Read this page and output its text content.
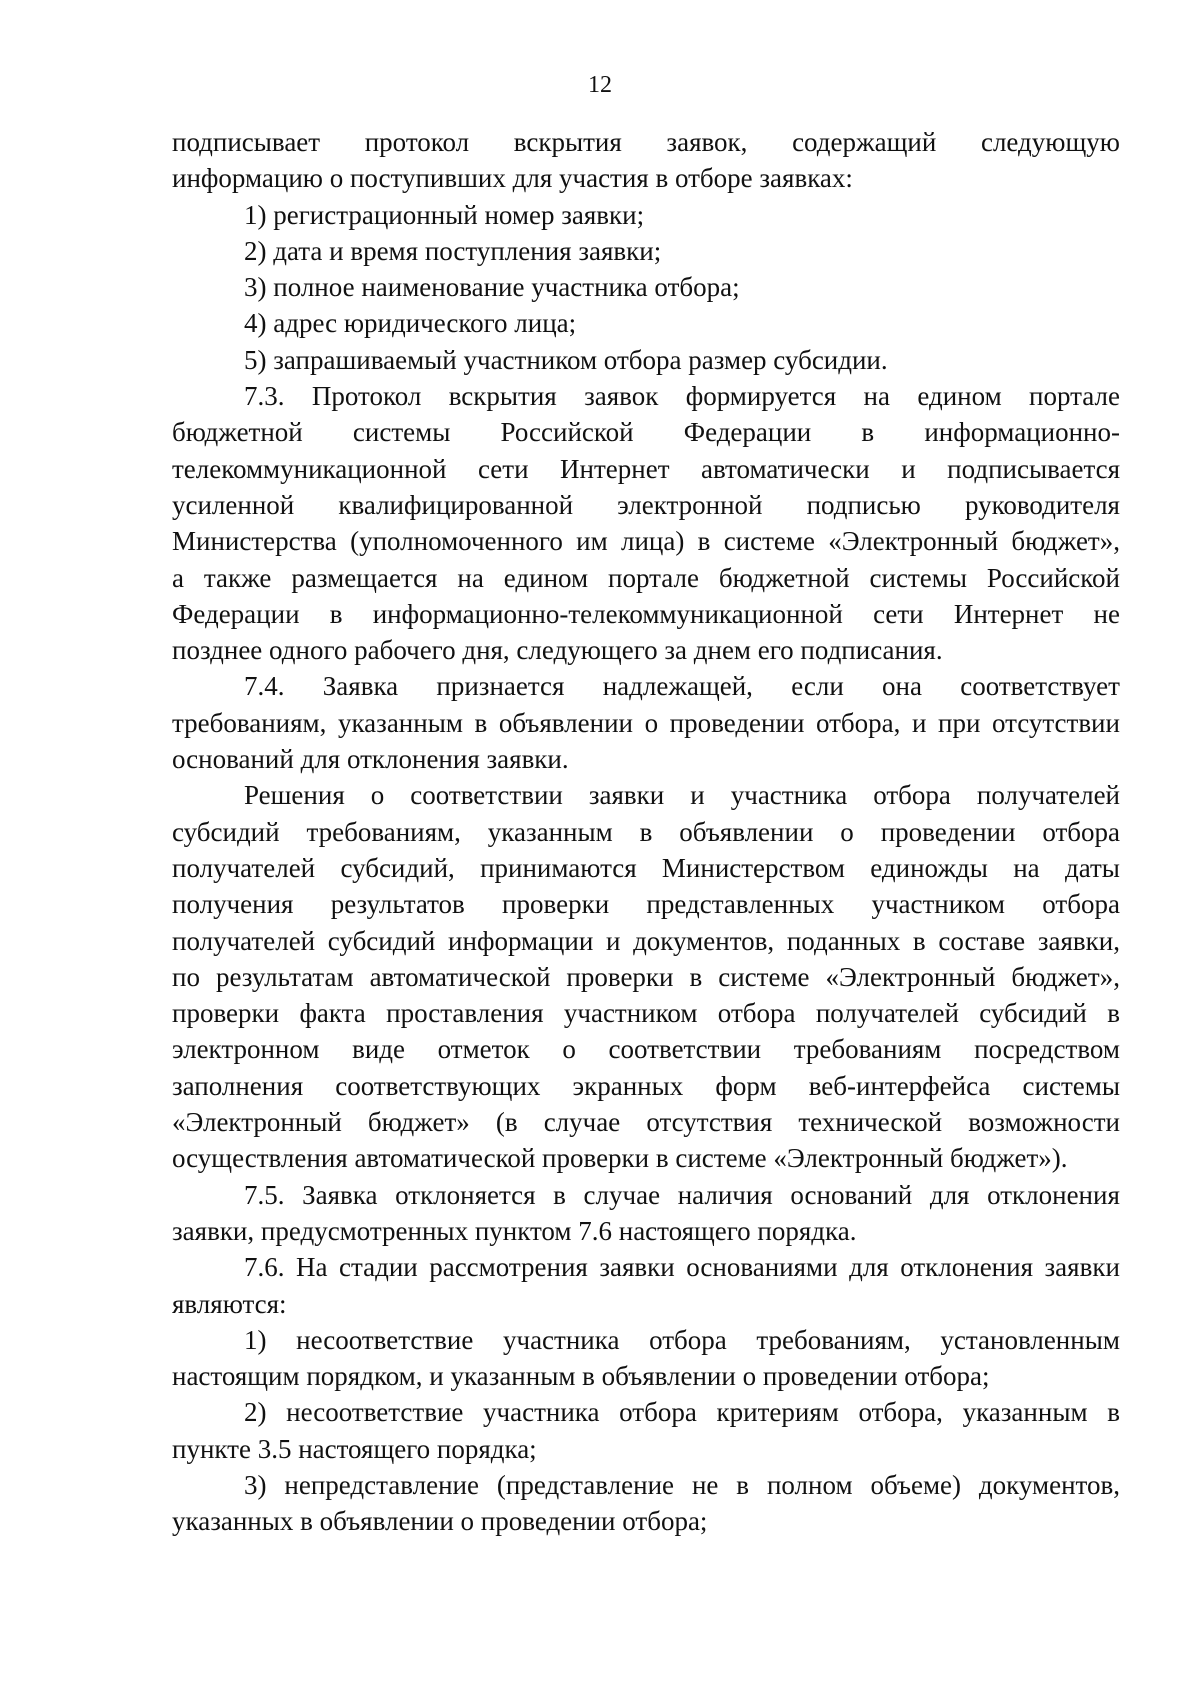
12
подписывает протокол вскрытия заявок, содержащий следующую
информацию о поступивших для участия в отборе заявках:
1) регистрационный номер заявки;
2) дата и время поступления заявки;
3) полное наименование участника отбора;
4) адрес юридического лица;
5) запрашиваемый участником отбора размер субсидии.
7.3. Протокол вскрытия заявок формируется на едином портале
бюджетной системы Российской Федерации в информационно-
телекоммуникационной сети Интернет автоматически и подписывается
усиленной квалифицированной электронной подписью руководителя
Министерства (уполномоченного им лица) в системе «Электронный бюджет»,
а также размещается на едином портале бюджетной системы Российской
Федерации в информационно-телекоммуникационной сети Интернет не
позднее одного рабочего дня, следующего за днем его подписания.
7.4. Заявка признается надлежащей, если она соответствует
требованиям, указанным в объявлении о проведении отбора, и при отсутствии
оснований для отклонения заявки.
Решения о соответствии заявки и участника отбора получателей
субсидий требованиям, указанным в объявлении о проведении отбора
получателей субсидий, принимаются Министерством единожды на даты
получения результатов проверки представленных участником отбора
получателей субсидий информации и документов, поданных в составе заявки,
по результатам автоматической проверки в системе «Электронный бюджет»,
проверки факта проставления участником отбора получателей субсидий в
электронном виде отметок о соответствии требованиям посредством
заполнения соответствующих экранных форм веб-интерфейса системы
«Электронный бюджет» (в случае отсутствия технической возможности
осуществления автоматической проверки в системе «Электронный бюджет»).
7.5. Заявка отклоняется в случае наличия оснований для отклонения
заявки, предусмотренных пунктом 7.6 настоящего порядка.
7.6. На стадии рассмотрения заявки основаниями для отклонения заявки
являются:
1) несоответствие участника отбора требованиям, установленным
настоящим порядком, и указанным в объявлении о проведении отбора;
2) несоответствие участника отбора критериям отбора, указанным в
пункте 3.5 настоящего порядка;
3) непредставление (представление не в полном объеме) документов,
указанных в объявлении о проведении отбора;
